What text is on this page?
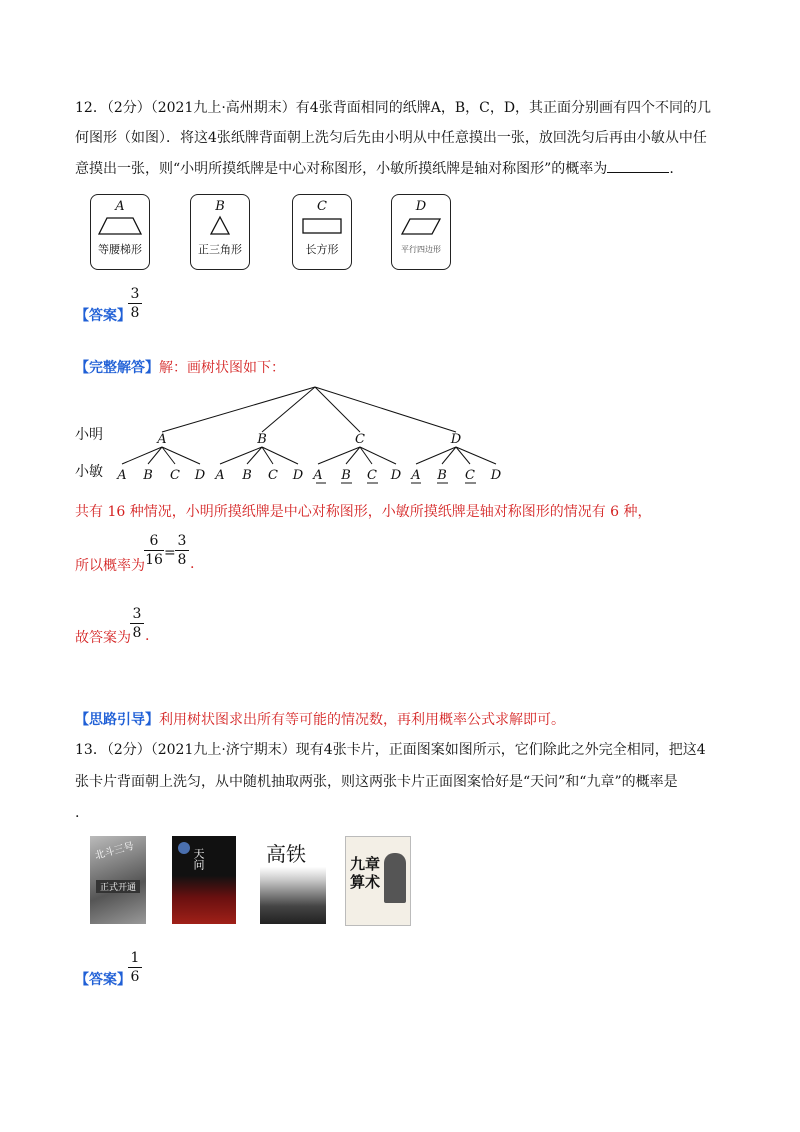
12．（2分）（2021九上·高州期末）有4张背面相同的纸牌A，B，C，D，其正面分别画有四个不同的几
何图形（如图）．将这4张纸牌背面朝上洗匀后先由小明从中任意摸出一张，放回洗匀后再由小敏从中任
意摸出一张，则“小明所摸纸牌是中心对称图形，小敏所摸纸牌是轴对称图形”的概率为	.
A
等腰梯形
B
正三角形
C
长方形
D
平行四边形
【答案】
3
8
【完整解答】解：画树状图如下：
小明
小敏
A	B	C	D
A B C D A B C D A B C D A B C D
共有 16 种情况，小明所摸纸牌是中心对称图形，小敏所摸纸牌是轴对称图形的情况有 6 种，
所以概率为
6
16 =
3
8 .
故答案为
3
8 .
【思路引导】利用树状图求出所有等可能的情况数，再利用概率公式求解即可。
13．（2分）（2021九上·济宁期末）现有4张卡片，正面图案如图所示，它们除此之外完全相同，把这4
张卡片背面朝上洗匀，从中随机抽取两张，则这两张卡片正面图案恰好是“天问”和“九章”的概率是
.
北斗三号
正式开通
天问	高铁	九章算术
【答案】
1
6
